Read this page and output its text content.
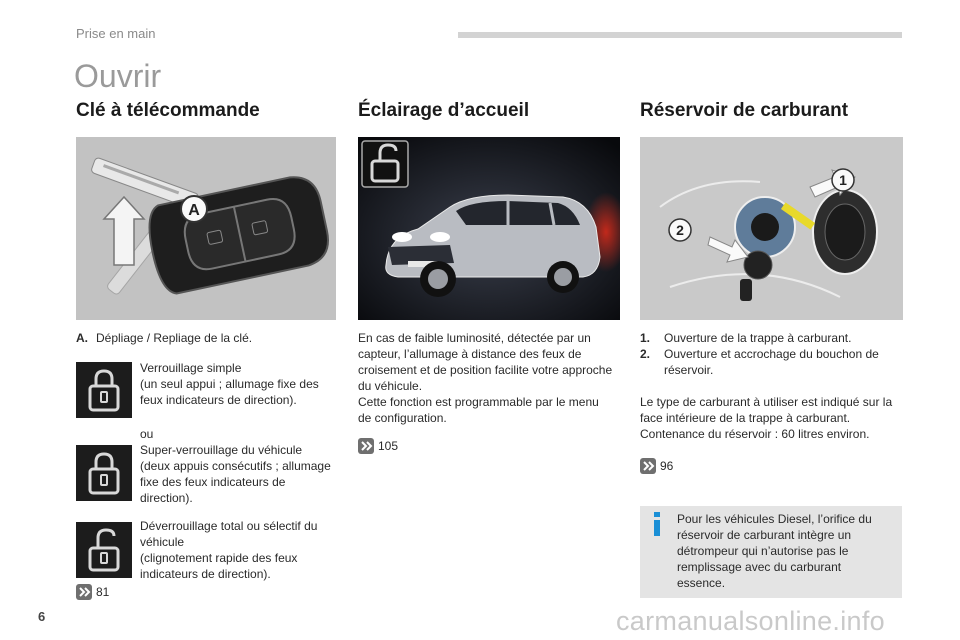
Prise en main
Ouvrir
Clé à télécommande	Éclairage d’accueil	Réservoir de carburant
A
1
2
A. Dépliage / Repliage de la clé.
Verrouillage simple
(un seul appui ; allumage fixe des feux indicateurs de direction).
ou
Super-verrouillage du véhicule
(deux appuis consécutifs ; allumage fixe des feux indicateurs de direction).
Déverrouillage total ou sélectif du véhicule
(clignotement rapide des feux indicateurs de direction).
81
En cas de faible luminosité, détectée par un capteur, l’allumage à distance des feux de croisement et de position facilite votre approche du véhicule.
Cette fonction est programmable par le menu de configuration.
105
1.	Ouverture de la trappe à carburant.
2.	Ouverture et accrochage du bouchon de réservoir.
Le type de carburant à utiliser est indiqué sur la face intérieure de la trappe à carburant.
Contenance du réservoir : 60 litres environ.
96
Pour les véhicules Diesel, l’orifice du réservoir de carburant intègre un détrompeur qui n’autorise pas le remplissage avec du carburant essence.
6	carmanualsonline.info
